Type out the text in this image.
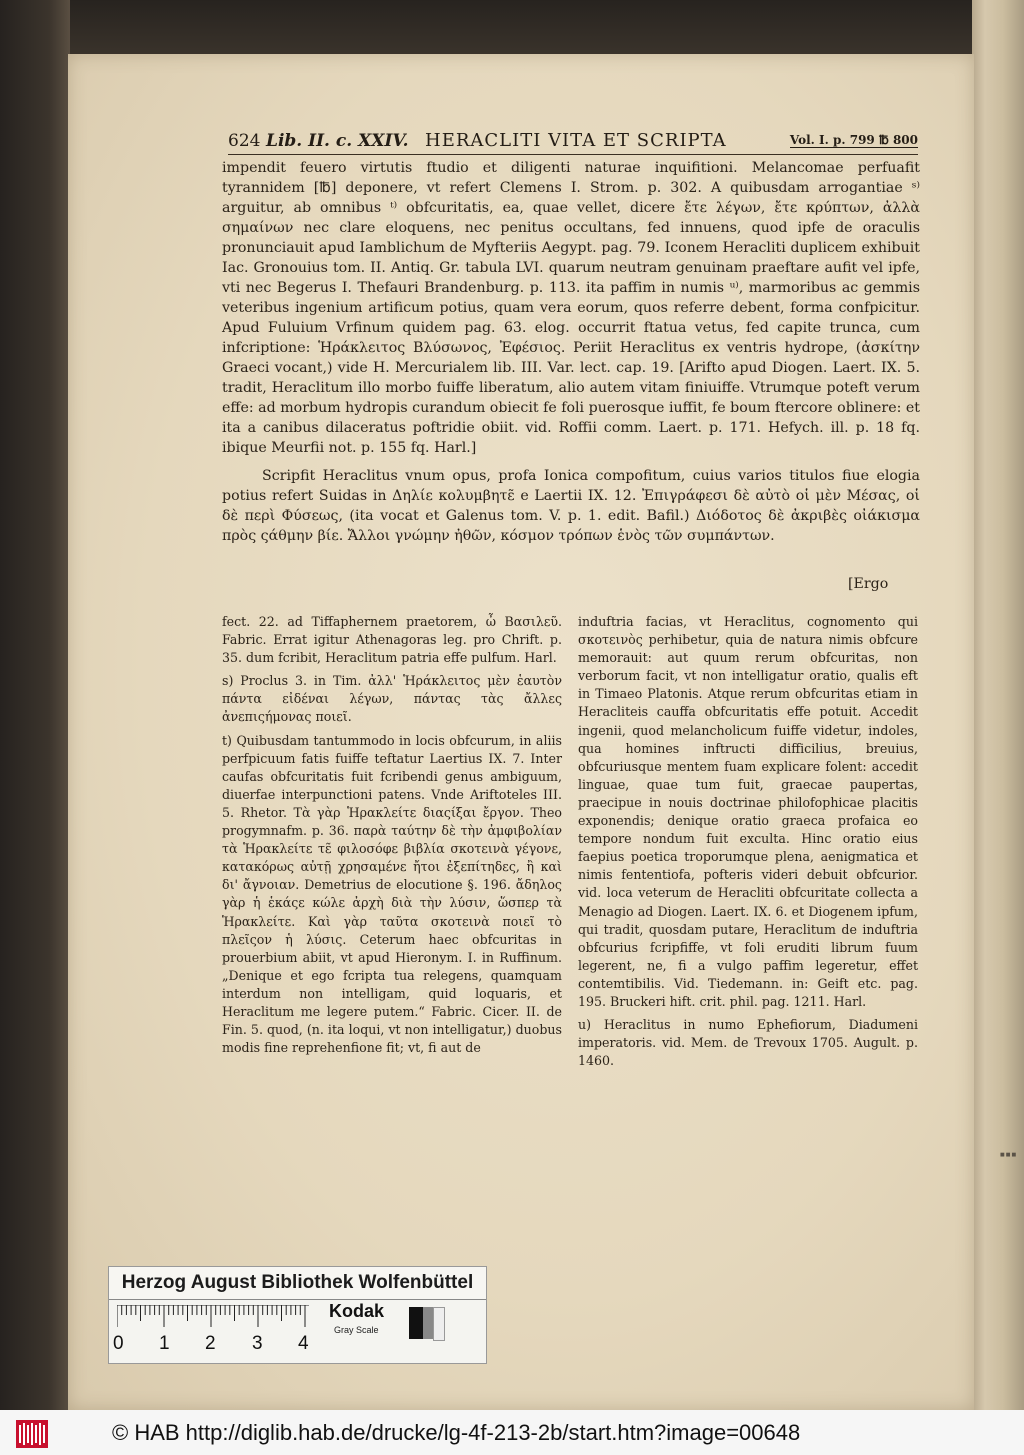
■■■
624 Lib. II. c. XXIV. HERACLITI VITA ET SCRIPTA	Vol. I. p. 799 ℔ 800

impendit feuero virtutis ftudio et diligenti naturae inquifitioni. Melancomae perfuafit tyrannidem [℔] deponere, vt refert Clemens I. Strom. p. 302. A quibusdam arrogantiae ˢ⁾ arguitur, ab omnibus ᵗ⁾ obfcuritatis, ea, quae vellet, dicere ἔτε λέγων, ἔτε κρύπτων, ἀλλὰ σημαίνων nec clare eloquens, nec penitus occultans, fed innuens, quod ipfe de oraculis pronunciauit apud Iamblichum de Myfteriis Aegypt. pag. 79. Iconem Heracliti duplicem exhibuit Iac. Gronouius tom. II. Antiq. Gr. tabula LVI. quarum neutram genuinam praeftare aufit vel ipfe, vti nec Begerus I. Thefauri Brandenburg. p. 113. ita paffim in numis ᵘ⁾, marmoribus ac gemmis veteribus ingenium artificum potius, quam vera eorum, quos referre debent, forma confpicitur. Apud Fuluium Vrfinum quidem pag. 63. elog. occurrit ftatua vetus, fed capite trunca, cum infcriptione: Ἡράκλειτος Βλύσωνος, Ἐφέσιος. Periit Heraclitus ex ventris hydrope, (ἀσκίτην Graeci vocant,) vide H. Mercurialem lib. III. Var. lect. cap. 19. [Arifto apud Diogen. Laert. IX. 5. tradit, Heraclitum illo morbo fuiffe liberatum, alio autem vitam finiuiffe. Vtrumque poteft verum effe: ad morbum hydropis curandum obiecit fe foli puerosque iuffit, fe boum ftercore oblinere: et ita a canibus dilaceratus poftridie obiit. vid. Roffii comm. Laert. p. 171. Hefych. ill. p. 18 fq. ibique Meurfii not. p. 155 fq. Harl.]

Scripfit Heraclitus vnum opus, profa Ionica compofitum, cuius varios titulos fiue elogia potius refert Suidas in Δηλίε κολυμβητε̃ e Laertii IX. 12. Ἐπιγράφεσι δὲ αὐτὸ οἱ μὲν Μέσας, οἱ δὲ περὶ Φύσεως, (ita vocat et Galenus tom. V. p. 1. edit. Bafil.) Διόδοτος δὲ ἀκριβὲς οἰάκισμα πρὸς ςάθμην βίε. Ἄλλοι γνώμην ἠθῶν, κόσμον τρόπων ἑνὸς τῶν συμπάντων.

[Ergo

fect. 22. ad Tiffaphernem praetorem, ὦ Βασιλεῦ. Fabric. Errat igitur Athenagoras leg. pro Chrift. p. 35. dum fcribit, Heraclitum patria effe pulfum. Harl.

s) Proclus 3. in Tim. ἀλλ' Ἡράκλειτος μὲν ἑαυτὸν πάντα εἰδέναι λέγων, πάντας τὰς ἄλλες ἀνεπιςήμονας ποιεῖ.

t) Quibusdam tantummodo in locis obfcurum, in aliis perfpicuum fatis fuiffe teftatur Laertius IX. 7. Inter caufas obfcuritatis fuit fcribendi genus ambiguum, diuerfae interpunctioni patens. Vnde Ariftoteles III. 5. Rhetor. Τὰ γὰρ Ἡρακλείτε διαςίξαι ἔργον. Theo progymnafm. p. 36. παρὰ ταύτην δὲ τὴν ἀμφιβολίαν τὰ Ἡρακλείτε τε̃ φιλοσόφε βιβλία σκοτεινὰ γέγονε, κατακόρως αὐτῇ χρησαμένε ἤτοι ἐξεπίτηδες, ἢ καὶ δι' ἄγνοιαν. Demetrius de elocutione §. 196. ἄδηλος γὰρ ἡ ἑκάςε κώλε ἀρχὴ διὰ τὴν λύσιν, ὥσπερ τὰ Ἡρακλείτε. Καὶ γὰρ ταῦτα σκοτεινὰ ποιεῖ τὸ πλεῖςον ἡ λύσις. Ceterum haec obfcuritas in prouerbium abiit, vt apud Hieronym. I. in Ruffinum. „Denique et ego fcripta tua relegens, quamquam interdum non intelligam, quid loquaris, et Heraclitum me legere putem.“ Fabric. Cicer. II. de Fin. 5. quod, (n. ita loqui, vt non intelligatur,) duobus modis fine reprehenfione fit; vt, fi aut de

induftria facias, vt Heraclitus, cognomento qui σκοτεινὸς perhibetur, quia de natura nimis obfcure memorauit: aut quum rerum obfcuritas, non verborum facit, vt non intelligatur oratio, qualis eft in Timaeo Platonis. Atque rerum obfcuritas etiam in Heracliteis cauffa obfcuritatis effe potuit. Accedit ingenii, quod melancholicum fuiffe videtur, indoles, qua homines inftructi difficilius, breuius, obfcuriusque mentem fuam explicare folent: accedit linguae, quae tum fuit, graecae paupertas, praecipue in nouis doctrinae philofophicae placitis exponendis; denique oratio graeca profaica eo tempore nondum fuit exculta. Hinc oratio eius faepius poetica troporumque plena, aenigmatica et nimis fententiofa, pofteris videri debuit obfcurior. vid. loca veterum de Heracliti obfcuritate collecta a Menagio ad Diogen. Laert. IX. 6. et Diogenem ipfum, qui tradit, quosdam putare, Heraclitum de induftria obfcurius fcripfiffe, vt foli eruditi librum fuum legerent, ne, fi a vulgo paffim legeretur, effet contemtibilis. Vid. Tiedemann. in: Geift etc. pag. 195. Bruckeri hift. crit. phil. pag. 1211. Harl.

u) Heraclitus in numo Ephefiorum, Diadumeni imperatoris. vid. Mem. de Trevoux 1705. Augult. p. 1460.

Herzog August Bibliothek Wolfenbüttel
Kodak
Gray Scale
0 1 2 3 4
© HAB http://diglib.hab.de/drucke/lg-4f-213-2b/start.htm?image=00648
